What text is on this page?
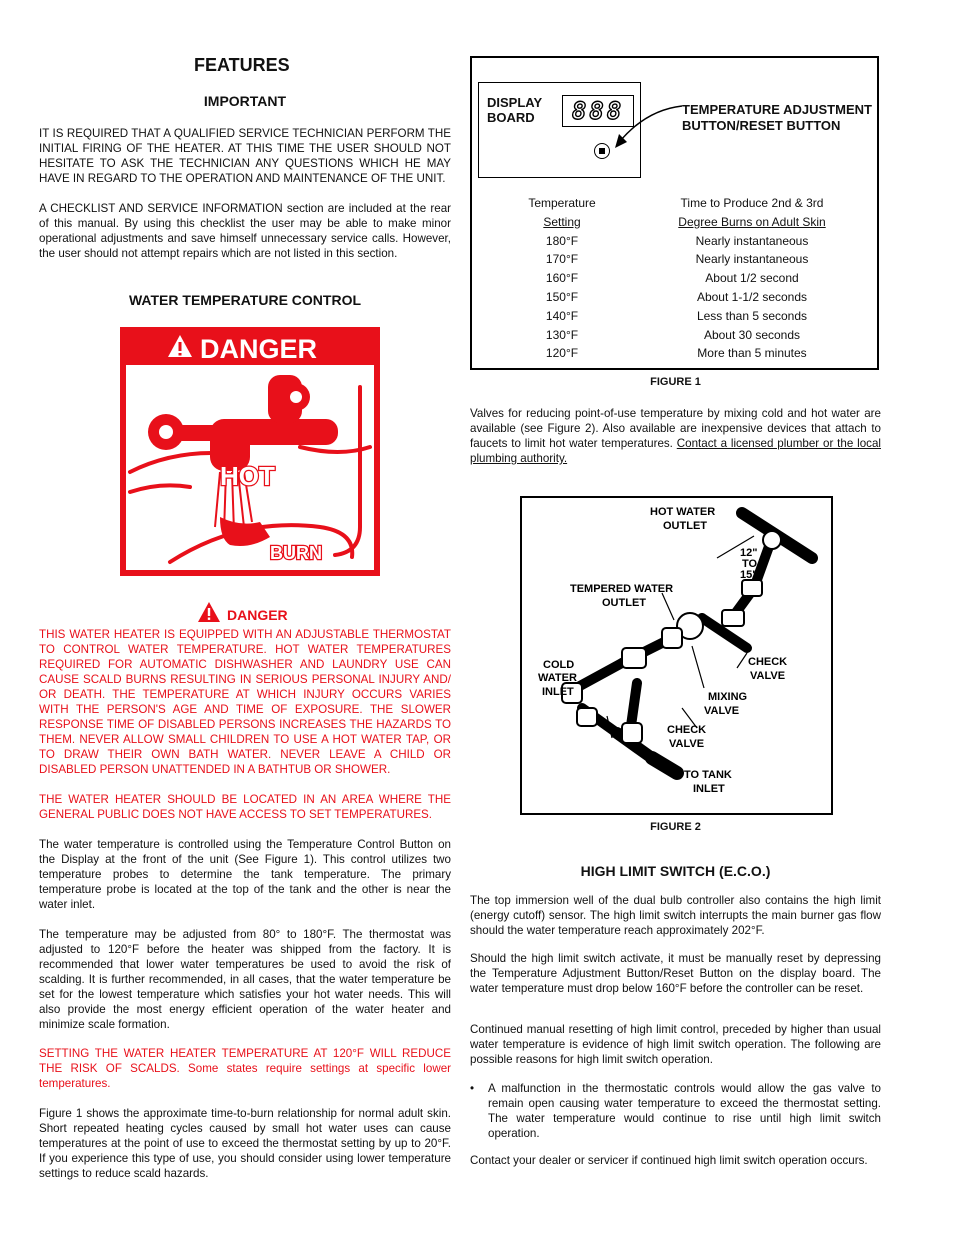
FEATURES
IMPORTANT

IT IS REQUIRED THAT A QUALIFIED SERVICE TECHNICIAN PERFORM THE INITIAL FIRING OF THE HEATER. AT THIS TIME THE USER SHOULD NOT HESITATE TO ASK THE TECHNICIAN ANY QUESTIONS WHICH HE MAY HAVE IN REGARD TO THE OPERATION AND MAINTENANCE OF THE UNIT.

A CHECKLIST AND SERVICE INFORMATION section are included at the rear of this manual. By using this checklist the user may be able to make minor operational adjustments and save himself unnecessary service calls. However, the user should not attempt repairs which are not listed in this section.

WATER TEMPERATURE CONTROL
DANGER
HOT
BURN
DANGER

THIS WATER HEATER IS EQUIPPED WITH AN ADJUSTABLE THERMOSTAT TO CONTROL WATER TEMPERATURE. HOT WATER TEMPERATURES REQUIRED FOR AUTOMATIC DISHWASHER AND LAUNDRY USE CAN CAUSE SCALD BURNS RESULTING IN SERIOUS PERSONAL INJURY AND/ OR DEATH. THE TEMPERATURE AT WHICH INJURY OCCURS VARIES WITH THE PERSON'S AGE AND TIME OF EXPOSURE. THE SLOWER RESPONSE TIME OF DISABLED PERSONS INCREASES THE HAZARDS TO THEM. NEVER ALLOW SMALL CHILDREN TO USE A HOT WATER TAP, OR TO DRAW THEIR OWN BATH WATER. NEVER LEAVE A CHILD OR DISABLED PERSON UNATTENDED IN A BATHTUB OR SHOWER.

THE WATER HEATER SHOULD BE LOCATED IN AN AREA WHERE THE GENERAL PUBLIC DOES NOT HAVE ACCESS TO SET TEMPERATURES.

The water temperature is controlled using the Temperature Control Button on the Display at the front of the unit (See Figure 1). This control utilizes two temperature probes to determine the tank temperature. The primary temperature probe is located at the top of the tank and the other is near the water inlet.

The temperature may be adjusted from 80° to 180°F. The thermostat was adjusted to 120°F before the heater was shipped from the factory. It is recommended that lower water temperatures be used to avoid the risk of scalding. It is further recommended, in all cases, that the water temperature be set for the lowest temperature which satisfies your hot water needs. This will also provide the most energy efficient operation of the water heater and minimize scale formation.

SETTING THE WATER HEATER TEMPERATURE AT 120°F WILL REDUCE THE RISK OF SCALDS. Some states require settings at specific lower temperatures.

Figure 1 shows the approximate time-to-burn relationship for normal adult skin. Short repeated heating cycles caused by small hot water uses can cause temperatures at the point of use to exceed the thermostat setting by up to 20°F. If you experience this type of use, you should consider using lower temperature settings to reduce scald hazards.

DISPLAY
BOARD	888	TEMPERATURE ADJUSTMENT
BUTTON/RESET BUTTON
Temperature	Time to Produce 2nd & 3rd
Setting	Degree Burns on Adult Skin
180°F	Nearly instantaneous
170°F	Nearly instantaneous
160°F	About 1/2 second
150°F	About 1-1/2 seconds
140°F	Less than 5 seconds
130°F	About 30 seconds
120°F	More than 5 minutes
FIGURE 1

Valves for reducing point-of-use temperature by mixing cold and hot water are available (see Figure 2). Also available are inexpensive devices that attach to faucets to limit hot water temperatures. Contact a licensed plumber or the local plumbing authority.

HOT WATER
OUTLET
12"
TO
15"
TEMPERED WATER
OUTLET
COLD
WATER
INLET
CHECK
VALVE
MIXING
VALVE
CHECK
VALVE
TO TANK
INLET
FIGURE 2
HIGH LIMIT SWITCH (E.C.O.)

The top immersion well of the dual bulb controller also contains the high limit (energy cutoff) sensor. The high limit switch interrupts the main burner gas flow should the water temperature reach approximately 202°F.

Should the high limit switch activate, it must be manually reset by depressing the Temperature Adjustment Button/Reset Button on the display board. The water temperature must drop below 160°F before the controller can be reset.

Continued manual resetting of high limit control, preceded by higher than usual water temperature is evidence of high limit switch operation. The following are possible reasons for high limit switch operation.

•	A malfunction in the thermostatic controls would allow the gas valve to remain open causing water temperature to exceed the thermostat setting. The water temperature would continue to rise until high limit switch operation.

Contact your dealer or servicer if continued high limit switch operation occurs.
